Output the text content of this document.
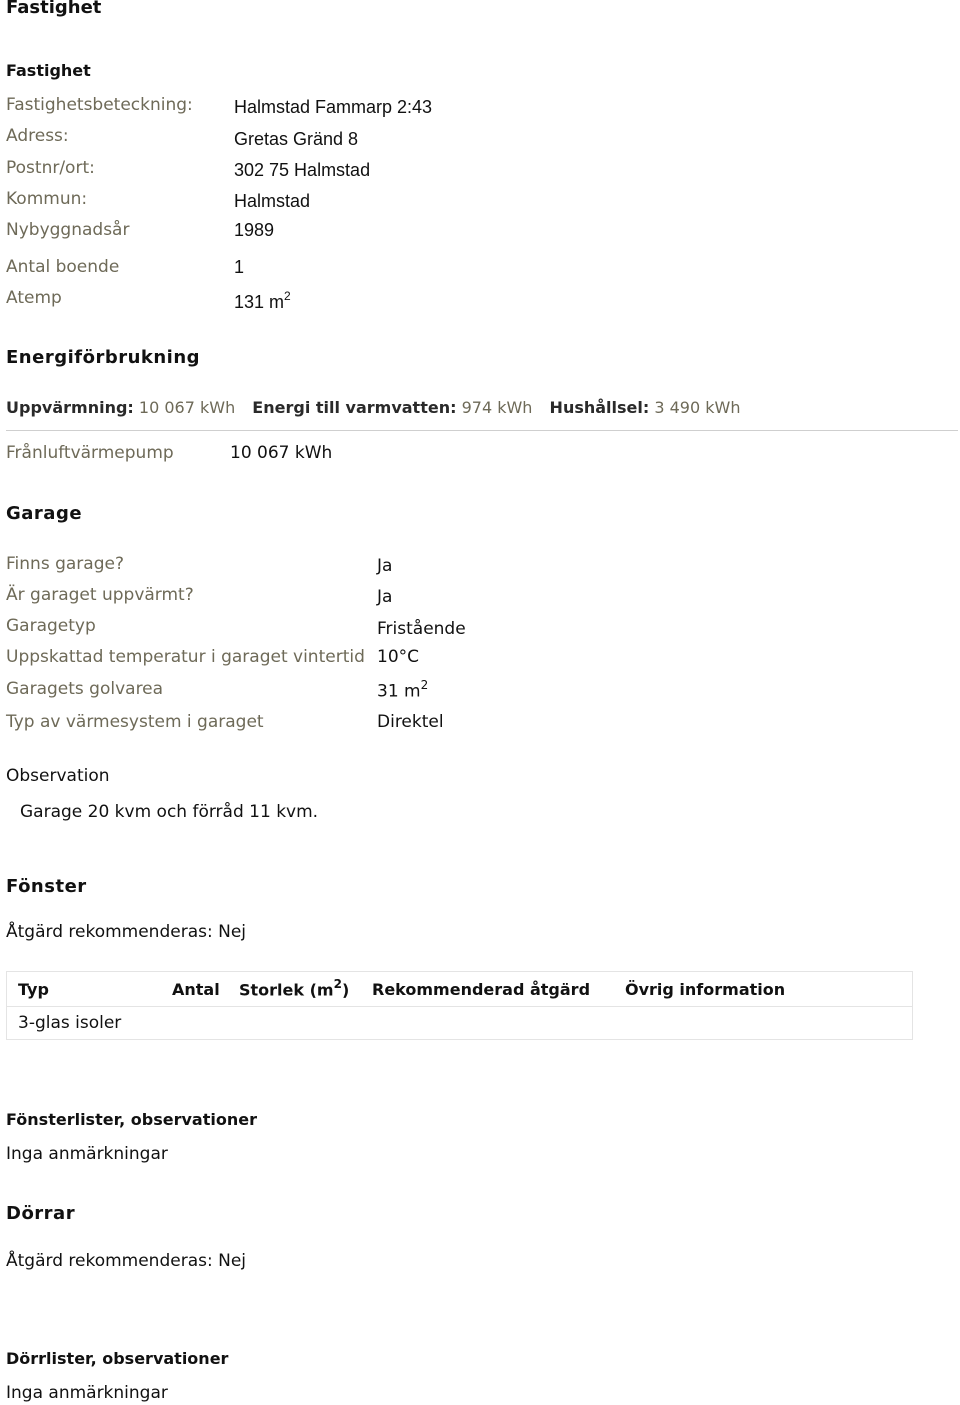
Fastighet
Fastighet
Fastighetsbeteckning: Halmstad Fammarp 2:43
Adress:	Gretas Gränd 8
Postnr/ort:	302 75 Halmstad
Kommun:	Halmstad
Nybyggnadsår	1989
Antal boende	1
Atemp	131 $m^2$
Energiförbrukning
Uppvärmning: 10 067 kWh Energi till varmvatten: 974 kWh Hushållsel: 3 490 kWh
Frånluftvärmepump	10 067 kWh
Garage
Finns garage?	Ja
Är garaget uppvärmt?	Ja
Garagetyp	Fristående
Uppskattad temperatur i garaget vintertid 10°C
Garagets golvarea	31 $m^2$
Typ av värmesystem i garaget	Direktel
Observation
Garage 20 kvm och förråd 11 kvm.
Fönster
Åtgärd rekommenderas: Nej
Typ	Antal	Storlek $(m^2)$	Rekommenderad åtgärd	Övrig information
3-glas isoler				
Fönsterlister, observationer
Inga anmärkningar
Dörrar
Åtgärd rekommenderas: Nej
Dörrlister, observationer
Inga anmärkningar
